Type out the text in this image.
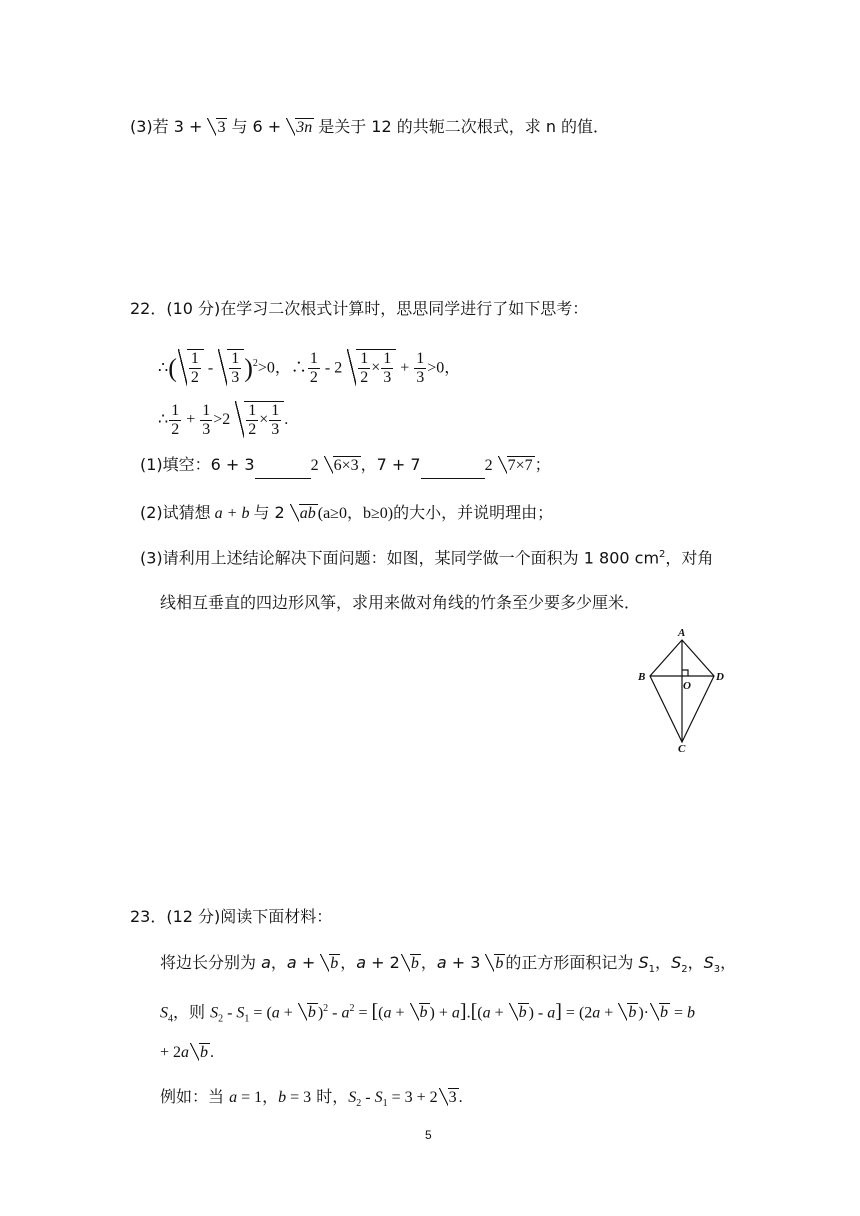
(3)若 3 + 3 与 6 + 3n 是关于 12 的共轭二次根式，求 n 的值．
22．(10 分)在学习二次根式计算时，思思同学进行了如下思考：
∴( $\frac{1}{2} - \frac{1}{3} )^2>0$，∴ $\frac{1}{2} - 2 \frac{1}{2} \times \frac{1}{3} + \frac{1}{3} >0$，
∴ $\frac{1}{2} + \frac{1}{3} >2 \frac{1}{2} \times \frac{1}{3}$ .
(1)填空：6 + 3	2 6×3 ，7 + 7	2 7×7 ；
(2)试猜想 a + b 与 2 ab (a≥0，b≥0)的大小，并说明理由；
(3)请利用上述结论解决下面问题：如图，某同学做一个面积为 1 800 $cm^2$，对角
线相互垂直的四边形风筝，求用来做对角线的竹条至少要多少厘米．
A
B
C
D
O
23．(12 分)阅读下面材料：
将边长分别为 a，a + b ，a + 2 b ，a + 3 b 的正方形面积记为 $S_1$，$S_2$，$S_3$，
$S_4$，则 $S_2 - S_1 = (a + b$ )$^2 - a^2 = [(a + b$ ) + a].[(a + b ) - a] = (2a + b )· b = b
+ 2a b .
例如：当 a = 1，b = 3 时，$S_2 - S_1 = 3 + 2$ 3 .
5
